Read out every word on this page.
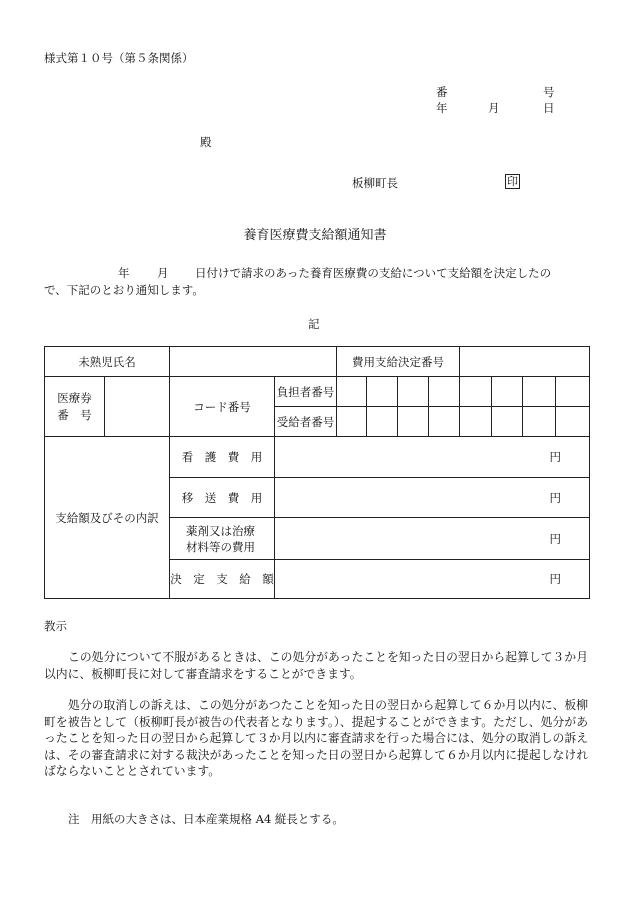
様式第１０号（第５条関係）
番	号
年	月	日
殿
板柳町長	印
養育医療費支給額通知書
年 月 日付けで請求のあった養育医療費の支給について支給額を決定したの
で、下記のとおり通知します。
記
未熟児氏名				費用支給決定番号							

医療券
番　号		コード番号	負担者番号								
			受給者番号								
支給額及びその内訳		看　護　費　用	円								
		移　送　費　用	円								

		薬剤又は治療
材料等の費用	円								
		決　定　支　給　額	円								
教示
この処分について不服があるときは、この処分があったことを知った日の翌日から起算して３か月以内に、板柳町長に対して審査請求をすることができます。
処分の取消しの訴えは、この処分があつたことを知った日の翌日から起算して６か月以内に、板柳町を被告として（板柳町長が被告の代表者となります。）、提起することができます。ただし、処分があったことを知った日の翌日から起算して３か月以内に審査請求を行った場合には、処分の取消しの訴えは、その審査請求に対する裁決があったことを知った日の翌日から起算して６か月以内に提起しなければならないこととされています。
注　用紙の大きさは、日本産業規格 A4 縦長とする。
